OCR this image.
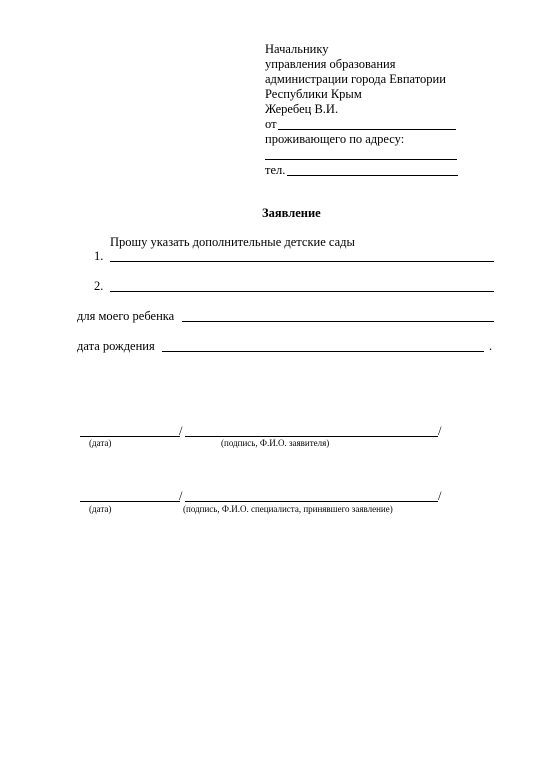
Начальнику
управления образования
администрации города Евпатории
Республики Крым
Жеребец В.И.
от
проживающего по адресу:
тел.
Заявление
Прошу указать дополнительные детские сады
1.
2.
для моего ребенка
дата рождения	.
/	/
(дата)	(подпись, Ф.И.О. заявителя)
/	/
(дата)	(подпись, Ф.И.О. специалиста, принявшего заявление)
